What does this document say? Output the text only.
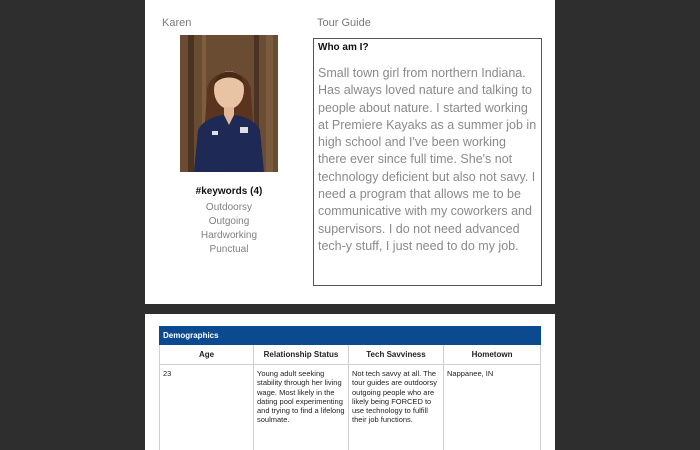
Karen	Tour Guide
#keywords (4)
Outdoorsy
Outgoing
Hardworking
Punctual
Who am I?
Small town girl from northern Indiana. Has always loved nature and talking to people about nature. I started working at Premiere Kayaks as a summer job in high school and I've been working there ever since full time. She's not technology deficient but also not savy. I need a program that allows me to be communicative with my coworkers and supervisors. I do not need advanced tech-y stuff, I just need to do my job.
Demographics			
Age	Relationship Status	Tech Savviness	Hometown
23	Young adult seeking stability through her living wage. Most likely in the dating pool experimenting and trying to find a lifelong soulmate.	Not tech savvy at all. The tour guides are outdoorsy outgoing people who are likely being FORCED to use technology to fulfill their job functions.	Nappanee, IN
